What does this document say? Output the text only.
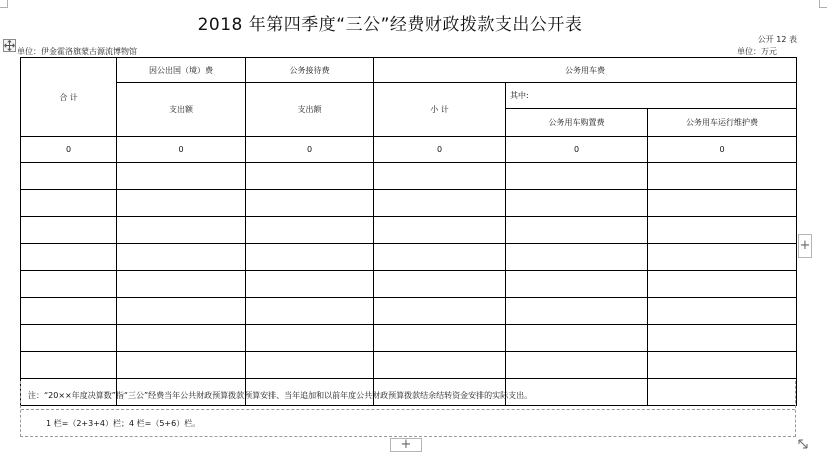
2018 年第四季度“三公”经费财政拨款支出公开表
公开 12 表
单位：伊金霍洛旗蒙古源流博物馆	单位：万元
合 计	因公出国（境）费	公务接待费	公务用车费		
	支出额	支出额	小 计	其中:	
				公务用车购置费	公务用车运行维护费
0	0	0	0	0	0

注：“20××年度决算数”指“三公”经费当年公共财政预算拨款预算安排、当年追加和以前年度公共财政预算拨款结余结转资金安排的实际支出。
1 栏=（2+3+4）栏；4 栏=（5+6）栏。
+
+
